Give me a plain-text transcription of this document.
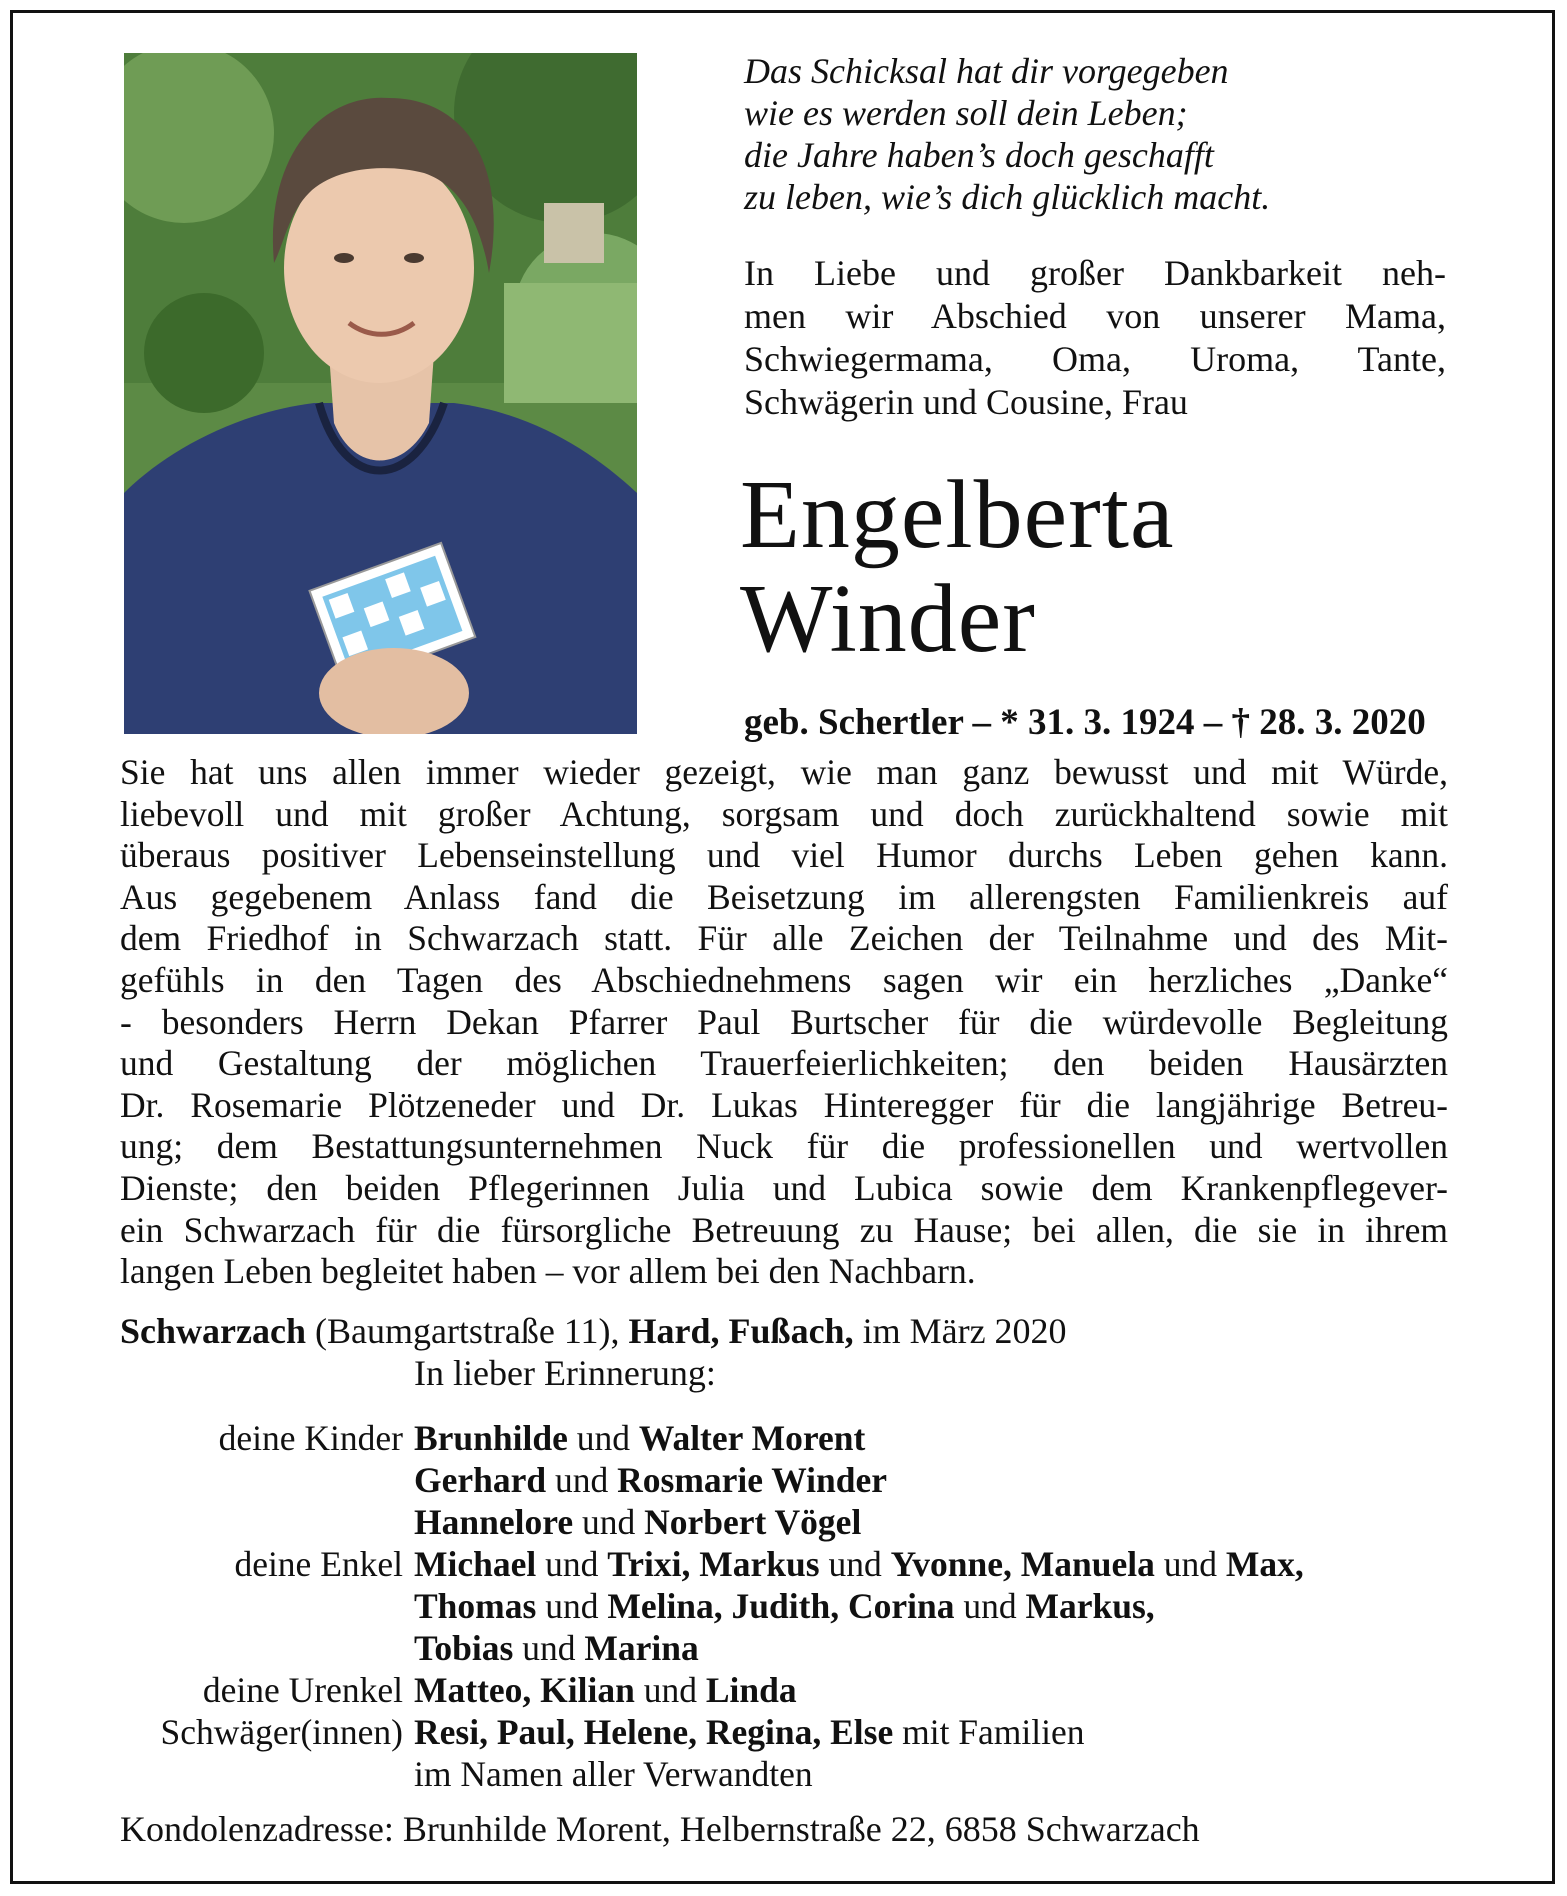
Das Schicksal hat dir vorgegeben
wie es werden soll dein Leben;
die Jahre haben’s doch geschafft
zu leben, wie’s dich glücklich macht.
In Liebe und großer Dankbarkeit neh-
men wir Abschied von unserer Mama,
Schwiegermama, Oma, Uroma, Tante,
Schwägerin und Cousine, Frau
Engelberta
Winder
geb. Schertler – * 31. 3. 1924 – † 28. 3. 2020
Sie hat uns allen immer wieder gezeigt, wie man ganz bewusst und mit Würde,
liebevoll und mit großer Achtung, sorgsam und doch zurückhaltend sowie mit
überaus positiver Lebenseinstellung und viel Humor durchs Leben gehen kann.
Aus gegebenem Anlass fand die Beisetzung im allerengsten Familienkreis auf
dem Friedhof in Schwarzach statt. Für alle Zeichen der Teilnahme und des Mit-
gefühls in den Tagen des Abschiednehmens sagen wir ein herzliches „Danke“
- besonders Herrn Dekan Pfarrer Paul Burtscher für die würdevolle Begleitung
und Gestaltung der möglichen Trauerfeierlichkeiten; den beiden Hausärzten
Dr. Rosemarie Plötzeneder und Dr. Lukas Hinteregger für die langjährige Betreu-
ung; dem Bestattungsunternehmen Nuck für die professionellen und wertvollen
Dienste; den beiden Pflegerinnen Julia und Lubica sowie dem Krankenpflegever-
ein Schwarzach für die fürsorgliche Betreuung zu Hause; bei allen, die sie in ihrem
langen Leben begleitet haben – vor allem bei den Nachbarn.
Schwarzach (Baumgartstraße 11), Hard, Fußach, im März 2020
In lieber Erinnerung:
deine Kinder Brunhilde und Walter Morent
Gerhard und Rosmarie Winder
Hannelore und Norbert Vögel
deine Enkel Michael und Trixi, Markus und Yvonne, Manuela und Max,
Thomas und Melina, Judith, Corina und Markus,
Tobias und Marina
deine Urenkel Matteo, Kilian und Linda
Schwäger(innen) Resi, Paul, Helene, Regina, Else mit Familien
im Namen aller Verwandten
Kondolenzadresse: Brunhilde Morent, Helbernstraße 22, 6858 Schwarzach
